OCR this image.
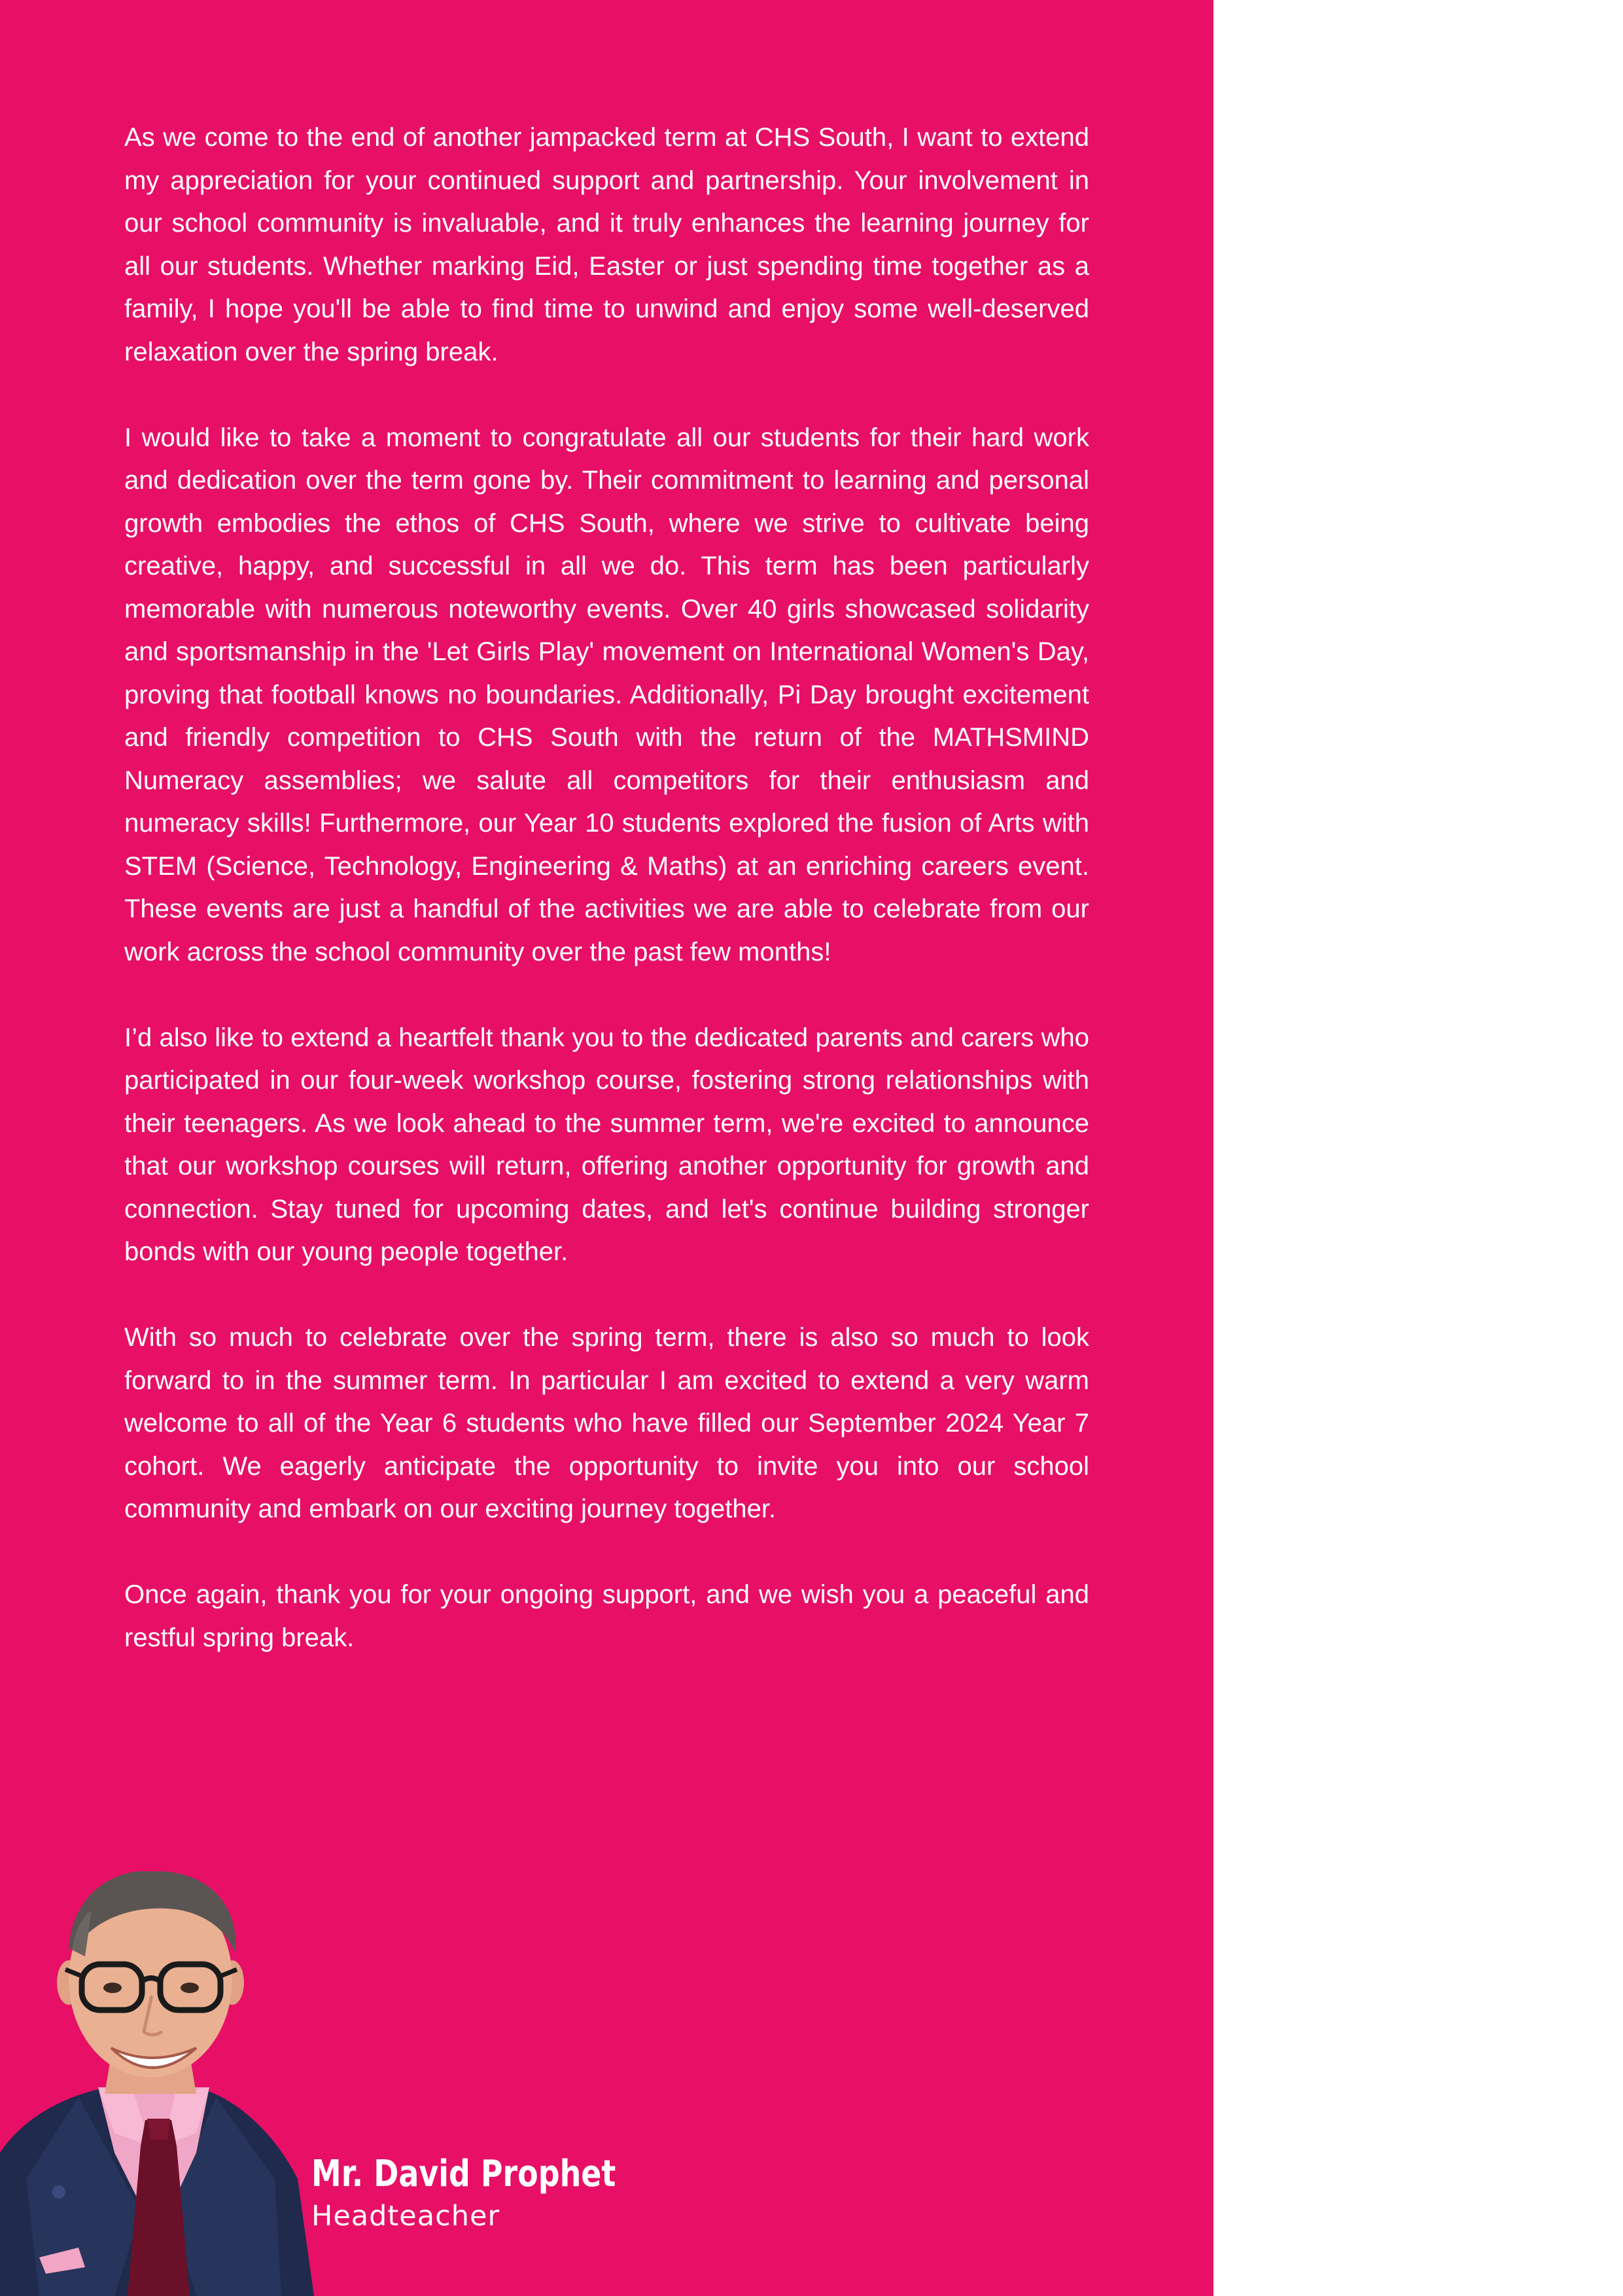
As we come to the end of another jampacked term at CHS South, I want to extend my appreciation for your continued support and partnership. Your involvement in our school community is invaluable, and it truly enhances the learning journey for all our students. Whether marking Eid, Easter or just spending time together as a family, I hope you'll be able to find time to unwind and enjoy some well-deserved relaxation over the spring break.

I would like to take a moment to congratulate all our students for their hard work and dedication over the term gone by. Their commitment to learning and personal growth embodies the ethos of CHS South, where we strive to cultivate being creative, happy, and successful in all we do. This term has been particularly memorable with numerous noteworthy events. Over 40 girls showcased solidarity and sportsmanship in the 'Let Girls Play' movement on International Women's Day, proving that football knows no boundaries. Additionally, Pi Day brought excitement and friendly competition to CHS South with the return of the MATHSMIND Numeracy assemblies; we salute all competitors for their enthusiasm and numeracy skills! Furthermore, our Year 10 students explored the fusion of Arts with STEM (Science, Technology, Engineering & Maths) at an enriching careers event. These events are just a handful of the activities we are able to celebrate from our work across the school community over the past few months!

I’d also like to extend a heartfelt thank you to the dedicated parents and carers who participated in our four-week workshop course, fostering strong relationships with their teenagers. As we look ahead to the summer term, we're excited to announce that our workshop courses will return, offering another opportunity for growth and connection. Stay tuned for upcoming dates, and let's continue building stronger bonds with our young people together.

With so much to celebrate over the spring term, there is also so much to look forward to in the summer term. In particular I am excited to extend a very warm welcome to all of the Year 6 students who have filled our September 2024 Year 7 cohort. We eagerly anticipate the opportunity to invite you into our school community and embark on our exciting journey together.

Once again, thank you for your ongoing support, and we wish you a peaceful and restful spring break.

Mr. David Prophet
Headteacher
